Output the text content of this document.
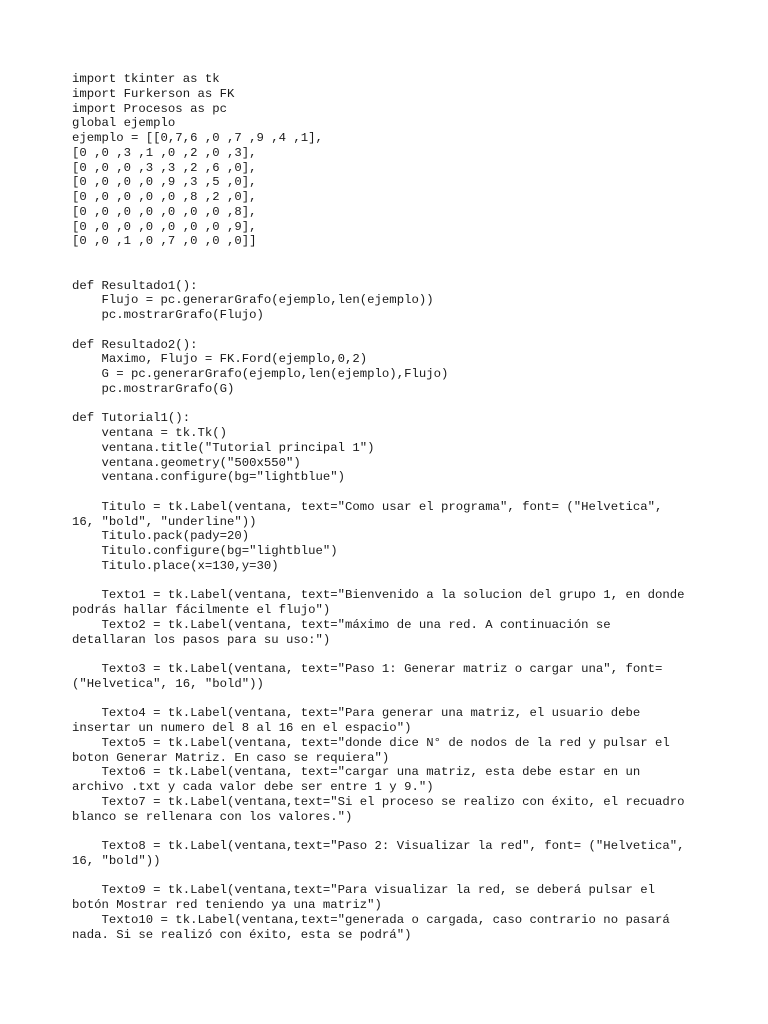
import tkinter as tk
import Furkerson as FK
import Procesos as pc
global ejemplo
ejemplo = [[0,7,6 ,0 ,7 ,9 ,4 ,1],
[0 ,0 ,3 ,1 ,0 ,2 ,0 ,3],
[0 ,0 ,0 ,3 ,3 ,2 ,6 ,0],
[0 ,0 ,0 ,0 ,9 ,3 ,5 ,0],
[0 ,0 ,0 ,0 ,0 ,8 ,2 ,0],
[0 ,0 ,0 ,0 ,0 ,0 ,0 ,8],
[0 ,0 ,0 ,0 ,0 ,0 ,0 ,9],
[0 ,0 ,1 ,0 ,7 ,0 ,0 ,0]]
def Resultado1():
Flujo = pc.generarGrafo(ejemplo,len(ejemplo))
pc.mostrarGrafo(Flujo)
def Resultado2():
Maximo, Flujo = FK.Ford(ejemplo,0,2)
G = pc.generarGrafo(ejemplo,len(ejemplo),Flujo)
pc.mostrarGrafo(G)
def Tutorial1():
ventana = tk.Tk()
ventana.title("Tutorial principal 1")
ventana.geometry("500x550")
ventana.configure(bg="lightblue")
Titulo = tk.Label(ventana, text="Como usar el programa", font= ("Helvetica",
16, "bold", "underline"))
Titulo.pack(pady=20)
Titulo.configure(bg="lightblue")
Titulo.place(x=130,y=30)
Texto1 = tk.Label(ventana, text="Bienvenido a la solucion del grupo 1, en donde
podrás hallar fácilmente el flujo")
Texto2 = tk.Label(ventana, text="máximo de una red. A continuación se
detallaran los pasos para su uso:")
Texto3 = tk.Label(ventana, text="Paso 1: Generar matriz o cargar una", font=
("Helvetica", 16, "bold"))
Texto4 = tk.Label(ventana, text="Para generar una matriz, el usuario debe
insertar un numero del 8 al 16 en el espacio")
Texto5 = tk.Label(ventana, text="donde dice N° de nodos de la red y pulsar el
boton Generar Matriz. En caso se requiera")
Texto6 = tk.Label(ventana, text="cargar una matriz, esta debe estar en un
archivo .txt y cada valor debe ser entre 1 y 9.")
Texto7 = tk.Label(ventana,text="Si el proceso se realizo con éxito, el recuadro
blanco se rellenara con los valores.")
Texto8 = tk.Label(ventana,text="Paso 2: Visualizar la red", font= ("Helvetica",
16, "bold"))
Texto9 = tk.Label(ventana,text="Para visualizar la red, se deberá pulsar el
botón Mostrar red teniendo ya una matriz")
Texto10 = tk.Label(ventana,text="generada o cargada, caso contrario no pasará
nada. Si se realizó con éxito, esta se podrá")
